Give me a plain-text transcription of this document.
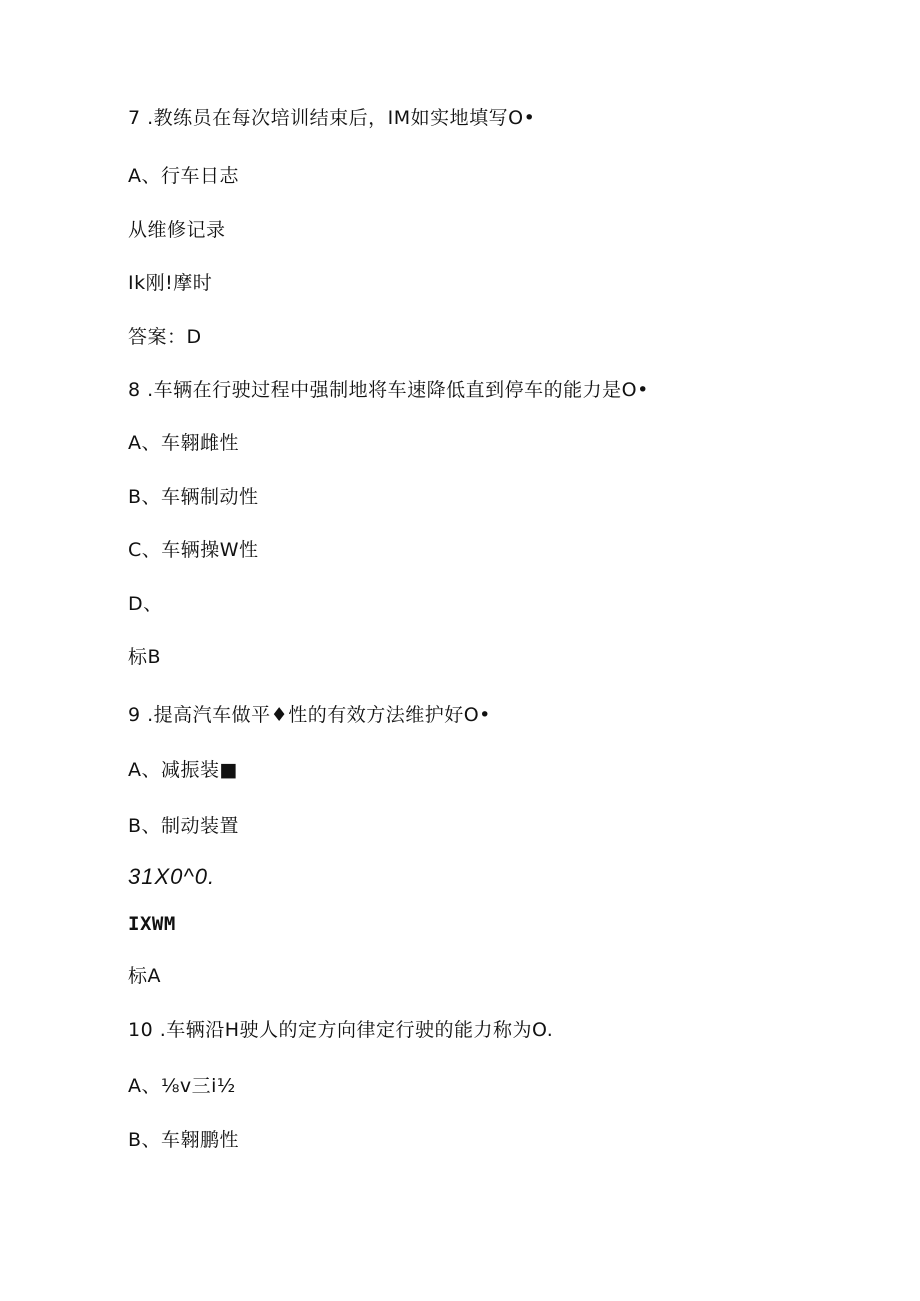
7 .教练员在每次培训结束后，IM如实地填写O•
A、行车日志
从维修记录
Ik刚!摩时
答案：D
8 .车辆在行驶过程中强制地将车速降低直到停车的能力是O•
A、车翱雌性
B、车辆制动性
C、车辆操W性
D、
标B
9 .提高汽车做平♦性的有效方法维护好O•
A、减振装■
B、制动装置
31X0^0.
IXWM
标A
10 .车辆沿H驶人的定方向律定行驶的能力称为O.
A、⅛v三i½
B、车翱鹏性
